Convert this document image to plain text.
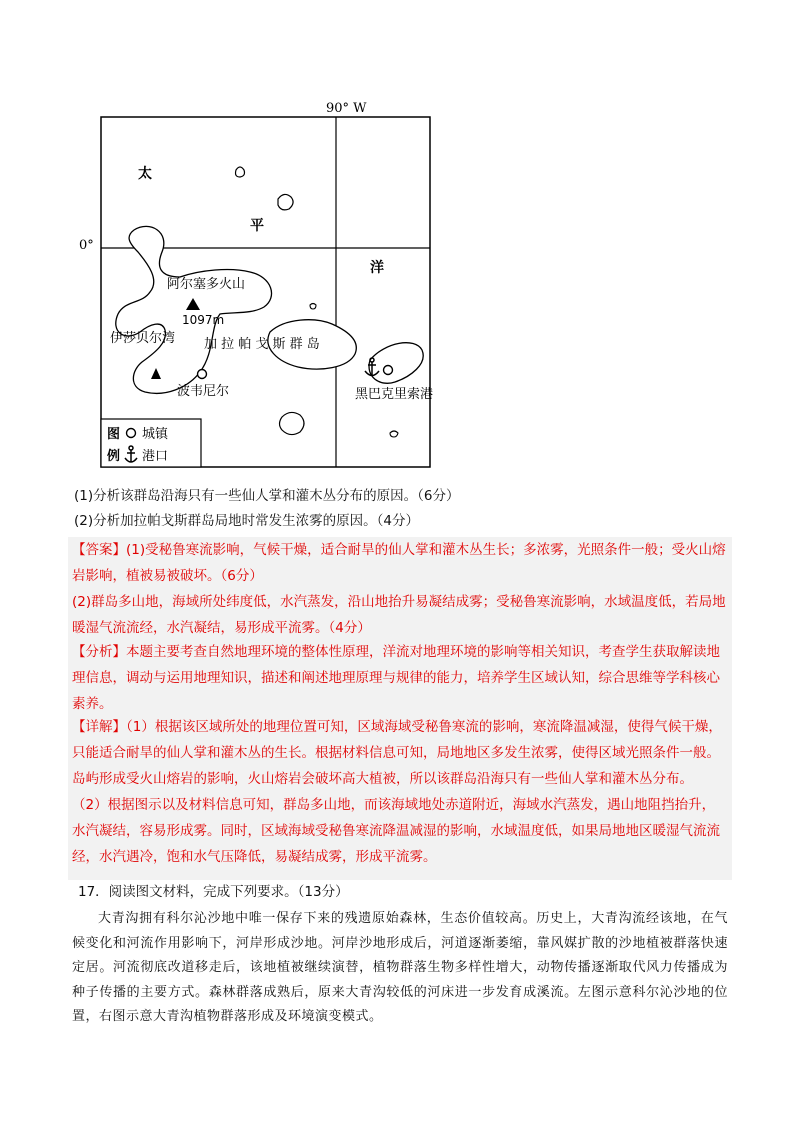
90° W
0°
太
平
洋
阿尔塞多火山
1097m
伊莎贝尔湾 加 拉 帕 戈 斯 群 岛
波韦尼尔	黑巴克里索港
图
例
城镇
港口
(1)分析该群岛沿海只有一些仙人掌和灌木丛分布的原因。（6分）
(2)分析加拉帕戈斯群岛局地时常发生浓雾的原因。（4分）

【答案】(1)受秘鲁寒流影响，气候干燥，适合耐旱的仙人掌和灌木丛生长；多浓雾，光照条件一般；受火山熔岩影响，植被易被破坏。（6分）

(2)群岛多山地，海域所处纬度低，水汽蒸发，沿山地抬升易凝结成雾；受秘鲁寒流影响，水域温度低，若局地暖湿气流流经，水汽凝结，易形成平流雾。（4分）

【分析】本题主要考查自然地理环境的整体性原理，洋流对地理环境的影响等相关知识，考查学生获取解读地理信息，调动与运用地理知识，描述和阐述地理原理与规律的能力，培养学生区域认知，综合思维等学科核心素养。

【详解】（1）根据该区域所处的地理位置可知，区域海域受秘鲁寒流的影响，寒流降温减湿，使得气候干燥，只能适合耐旱的仙人掌和灌木丛的生长。根据材料信息可知，局地地区多发生浓雾，使得区域光照条件一般。岛屿形成受火山熔岩的影响，火山熔岩会破坏高大植被，所以该群岛沿海只有一些仙人掌和灌木丛分布。

（2）根据图示以及材料信息可知，群岛多山地，而该海域地处赤道附近，海域水汽蒸发，遇山地阻挡抬升，水汽凝结，容易形成雾。同时，区域海域受秘鲁寒流降温减湿的影响，水域温度低，如果局地地区暖湿气流流经，水汽遇冷，饱和水气压降低，易凝结成雾，形成平流雾。

17．阅读图文材料，完成下列要求。（13分）
大青沟拥有科尔沁沙地中唯一保存下来的残遗原始森林，生态价值较高。历史上，大青沟流经该地，在气候变化和河流作用影响下，河岸形成沙地。河岸沙地形成后，河道逐渐萎缩，靠风媒扩散的沙地植被群落快速定居。河流彻底改道移走后，该地植被继续演替，植物群落生物多样性增大，动物传播逐渐取代风力传播成为种子传播的主要方式。森林群落成熟后，原来大青沟较低的河床进一步发育成溪流。左图示意科尔沁沙地的位置，右图示意大青沟植物群落形成及环境演变模式。
